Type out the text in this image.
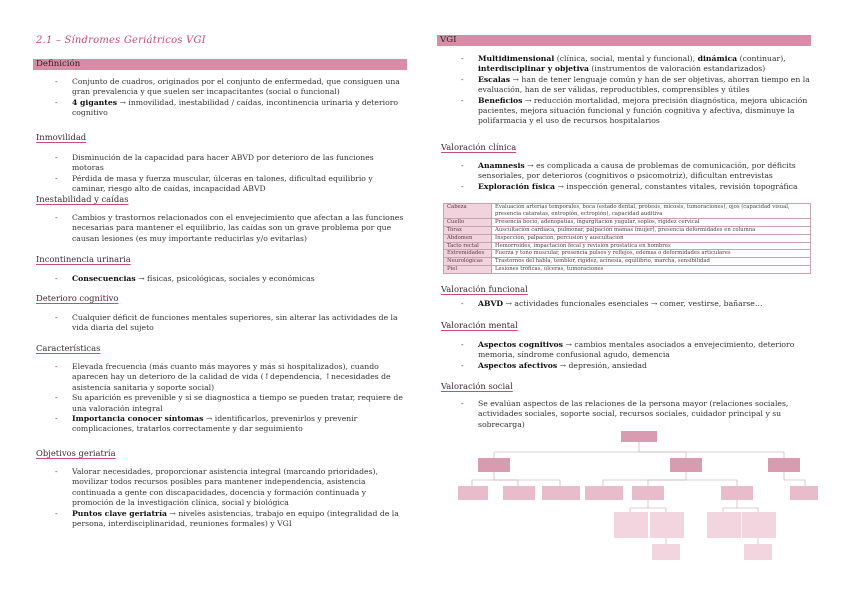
2.1 – Síndromes Geriátricos VGI
Definición
- Conjunto de cuadros, originados por el conjunto de enfermedad, que consiguen una gran prevalencia y que suelen ser incapacitantes (social o funcional)
- 4 gigantes → inmovilidad, inestabilidad / caídas, incontinencia urinaria y deterioro cognitivo
Inmovilidad
- Disminución de la capacidad para hacer ABVD por deterioro de las funciones motoras
- Pérdida de masa y fuerza muscular, úlceras en talones, dificultad equilibrio y caminar, riesgo alto de caídas, incapacidad ABVD
Inestabilidad y caídas
- Cambios y trastornos relacionados con el envejecimiento que afectan a las funciones necesarias para mantener el equilibrio, las caídas son un grave problema por que causan lesiones (es muy importante reducirlas y/o evitarlas)
Incontinencia urinaria
- Consecuencias → físicas, psicológicas, sociales y económicas
Deterioro cognitivo
- Cualquier déficit de funciones mentales superiores, sin alterar las actividades de la vida diaria del sujeto
Características
- Elevada frecuencia (más cuanto más mayores y más si hospitalizados), cuando aparecen hay un deterioro de la calidad de vida (↑dependencia, ↑necesidades de asistencia sanitaria y soporte social)
- Su aparición es prevenible y si se diagnostica a tiempo se pueden tratar, requiere de una valoración integral
- Importancia conocer síntomas → identificarlos, prevenirlos y prevenir complicaciones, tratarlos correctamente y dar seguimiento
Objetivos geriatría
- Valorar necesidades, proporcionar asistencia integral (marcando prioridades), movilizar todos recursos posibles para mantener independencia, asistencia continuada a gente con discapacidades, docencia y formación continuada y promoción de la investigación clínica, social y biológica
- Puntos clave geriatría → niveles asistencias, trabajo en equipo (integralidad de la persona, interdisciplinaridad, reuniones formales) y VGI
VGI
- Multidimensional (clínica, social, mental y funcional), dinámica (continuar), interdisciplinar y objetiva (instrumentos de valoración estandarizados)
- Escalas → han de tener lenguaje común y han de ser objetivas, ahorran tiempo en la evaluación, han de ser válidas, reproductibles, comprensibles y útiles
- Beneficios → reducción mortalidad, mejora precisión diagnóstica, mejora ubicación pacientes, mejora situación funcional y función cognitiva y afectiva, disminuye la polifarmacia y el uso de recursos hospitalarios
Valoración clínica
- Anamnesis → es complicada a causa de problemas de comunicación, por déficits sensoriales, por deterioros (cognitivos o psicomotriz), dificultan entrevistas
- Exploración física → inspección general, constantes vitales, revisión topográfica
Cabeza	Evaluación arterias temporales, boca (estado dental, prótesis, micosis, tumoraciones), ojos (capacidad visual, presencia cataratas, entropión, ectropión), capacidad auditiva
Cuello	Presencia bocio, adenopatías, ingurgitación yugular, soplos, rigidez cervical
Tórax	Auscultación cardíaca, pulmonar, palpación mamas (mujer), presencia deformidades en columna
Abdomen	Inspección, palpación, percusión y auscultación
Tacto rectal	Hemorroides, impactación fecal y revisión prostática en hombres
Extremidades	Fuerza y tono muscular, presencia pulsos y reflejos, edemas o deformidades articulares
Neurológicas	Trastornos del habla, temblor, rigidez, acinesia, equilibrio, marcha, sensibilidad
Piel	Lesiones tróficas, úlceras, tumoraciones
Valoración funcional
- ABVD → actividades funcionales esenciales → comer, vestirse, bañarse…
Valoración mental
- Aspectos cognitivos → cambios mentales asociados a envejecimiento, deterioro memoria, síndrome confusional agudo, demencia
- Aspectos afectivos → depresión, ansiedad
Valoración social
- Se evalúan aspectos de las relaciones de la persona mayor (relaciones sociales, actividades sociales, soporte social, recursos sociales, cuidador principal y su sobrecarga)
